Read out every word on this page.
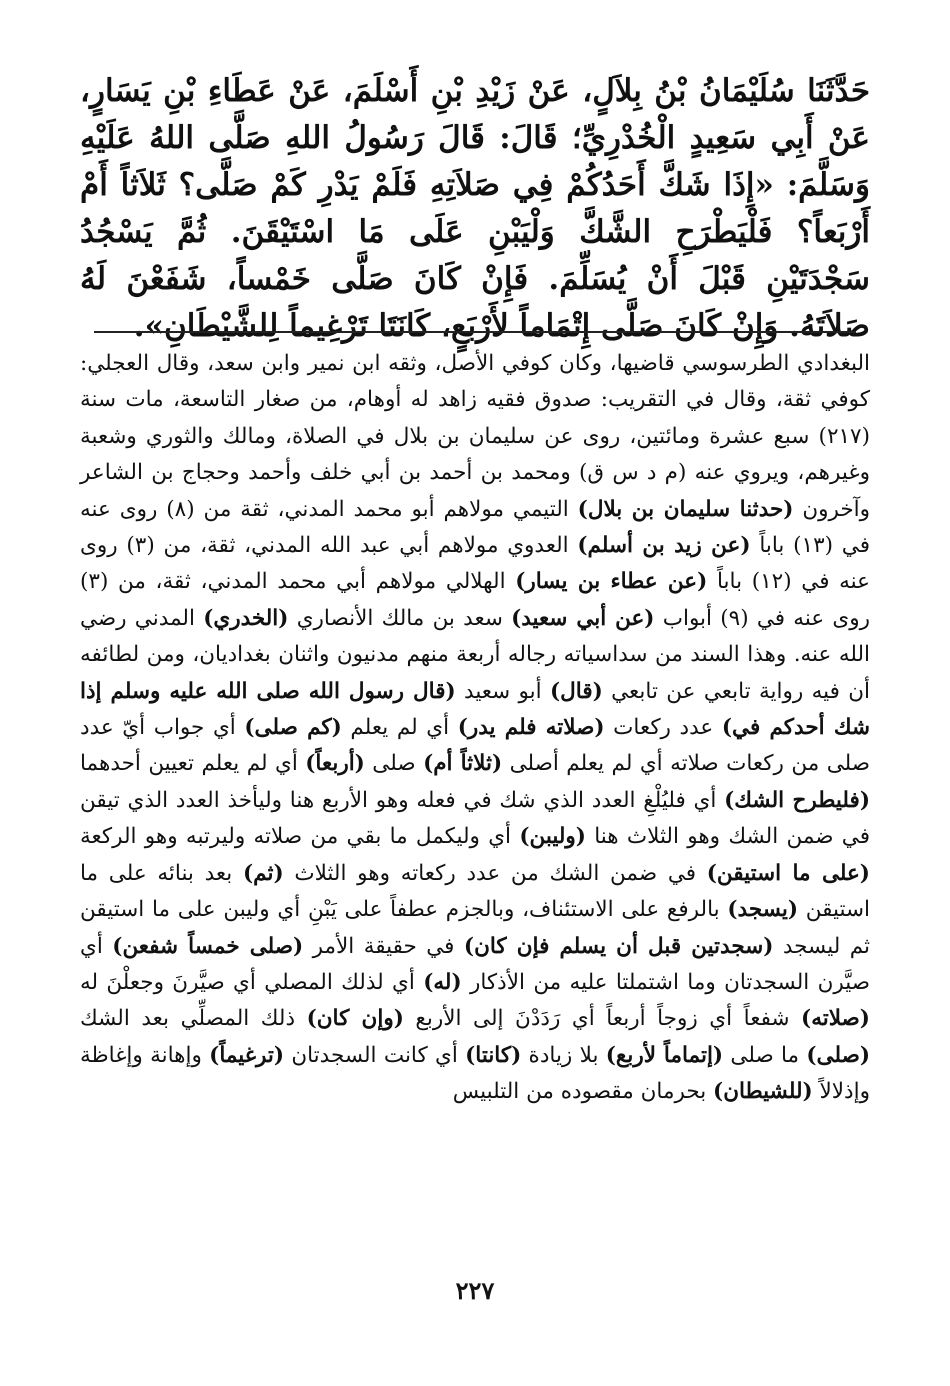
حَدَّثَنَا سُلَيْمَانُ بْنُ بِلاَلٍ، عَنْ زَيْدِ بْنِ أَسْلَمَ، عَنْ عَطَاءِ بْنِ يَسَارٍ، عَنْ أَبِي سَعِيدٍ الْخُدْرِيِّ؛ قَالَ: قَالَ رَسُولُ اللهِ صَلَّى اللهُ عَلَيْهِ وَسَلَّمَ: «إِذَا شَكَّ أَحَدُكُمْ فِي صَلاَتِهِ فَلَمْ يَدْرِ كَمْ صَلَّى؟ ثَلاَثاً أَمْ أَرْبَعاً؟ فَلْيَطْرَحِ الشَّكَّ وَلْيَبْنِ عَلَى مَا اسْتَيْقَنَ. ثُمَّ يَسْجُدُ سَجْدَتَيْنِ قَبْلَ أَنْ يُسَلِّمَ. فَإِنْ كَانَ صَلَّى خَمْساً، شَفَعْنَ لَهُ صَلاَتَهُ. وَإِنْ كَانَ صَلَّى إِتْمَاماً لأَرْبَعٍ، كَانَتَا تَرْغِيماً لِلشَّيْطَانِ».
البغدادي الطرسوسي قاضيها، وكان كوفي الأصل، وثقه ابن نمير وابن سعد، وقال العجلي: كوفي ثقة، وقال في التقريب: صدوق فقيه زاهد له أوهام، من صغار التاسعة، مات سنة (٢١٧) سبع عشرة ومائتين، روى عن سليمان بن بلال في الصلاة، ومالك والثوري وشعبة وغيرهم، ويروي عنه (م د س ق) ومحمد بن أحمد بن أبي خلف وأحمد وحجاج بن الشاعر وآخرون (حدثنا سليمان بن بلال) التيمي مولاهم أبو محمد المدني، ثقة من (٨) روى عنه في (١٣) باباً (عن زيد بن أسلم) العدوي مولاهم أبي عبد الله المدني، ثقة، من (٣) روى عنه في (١٢) باباً (عن عطاء بن يسار) الهلالي مولاهم أبي محمد المدني، ثقة، من (٣) روى عنه في (٩) أبواب (عن أبي سعيد) سعد بن مالك الأنصاري (الخدري) المدني رضي الله عنه. وهذا السند من سداسياته رجاله أربعة منهم مدنيون واثنان بغداديان، ومن لطائفه أن فيه رواية تابعي عن تابعي (قال) أبو سعيد (قال رسول الله صلى الله عليه وسلم إذا شك أحدكم في) عدد ركعات (صلاته فلم يدر) أي لم يعلم (كم صلى) أي جواب أيّ عدد صلى من ركعات صلاته أي لم يعلم أصلى (ثلاثاً أم) صلى (أربعاً) أي لم يعلم تعيين أحدهما (فليطرح الشك) أي فليُلْغِ العدد الذي شك في فعله وهو الأربع هنا وليأخذ العدد الذي تيقن في ضمن الشك وهو الثلاث هنا (وليبن) أي وليكمل ما بقي من صلاته وليرتبه وهو الركعة (على ما استيقن) في ضمن الشك من عدد ركعاته وهو الثلاث (ثم) بعد بنائه على ما استيقن (يسجد) بالرفع على الاستئناف، وبالجزم عطفاً على يَبْنِ أي وليبن على ما استيقن ثم ليسجد (سجدتين قبل أن يسلم فإن كان) في حقيقة الأمر (صلى خمساً شفعن) أي صيَّرن السجدتان وما اشتملتا عليه من الأذكار (له) أي لذلك المصلي أي صيَّرنَ وجعلْنَ له (صلاته) شفعاً أي زوجاً أربعاً أي رَدَدْنَ إلى الأربع (وإن كان) ذلك المصلِّي بعد الشك (صلى) ما صلى (إتماماً لأربع) بلا زيادة (كانتا) أي كانت السجدتان (ترغيماً) وإهانة وإغاظة وإذلالاً (للشيطان) بحرمان مقصوده من التلبيس
٢٢٧
